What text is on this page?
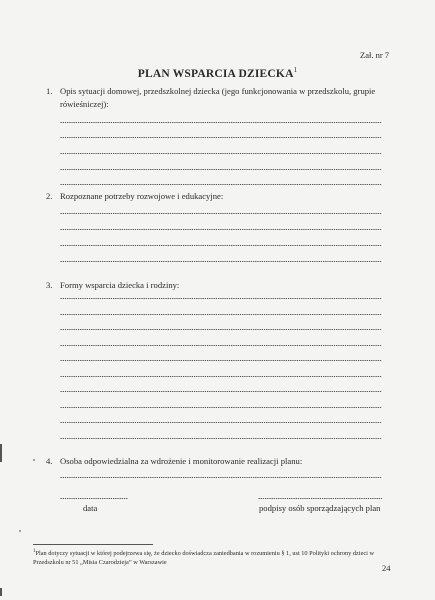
Zał. nr 7
PLAN WSPARCIA DZIECKA$^1$
1. Opis sytuacji domowej, przedszkolnej dziecka (jego funkcjonowania w przedszkolu, grupie rówieśniczej):
2. Rozpoznane potrzeby rozwojowe i edukacyjne:
3. Formy wsparcia dziecka i rodziny:
4. Osoba odpowiedzialna za wdrożenie i monitorowanie realizacji planu:
data	podpisy osób sporządzających plan
$^1$Plan dotyczy sytuacji w której podejrzewa się, że dziecko doświadcza zaniedbania w rozumieniu § 1, ust 10 Polityki ochrony dzieci w Przedszkolu nr 51 „Misia Czarodzieja” w Warszawie
24
